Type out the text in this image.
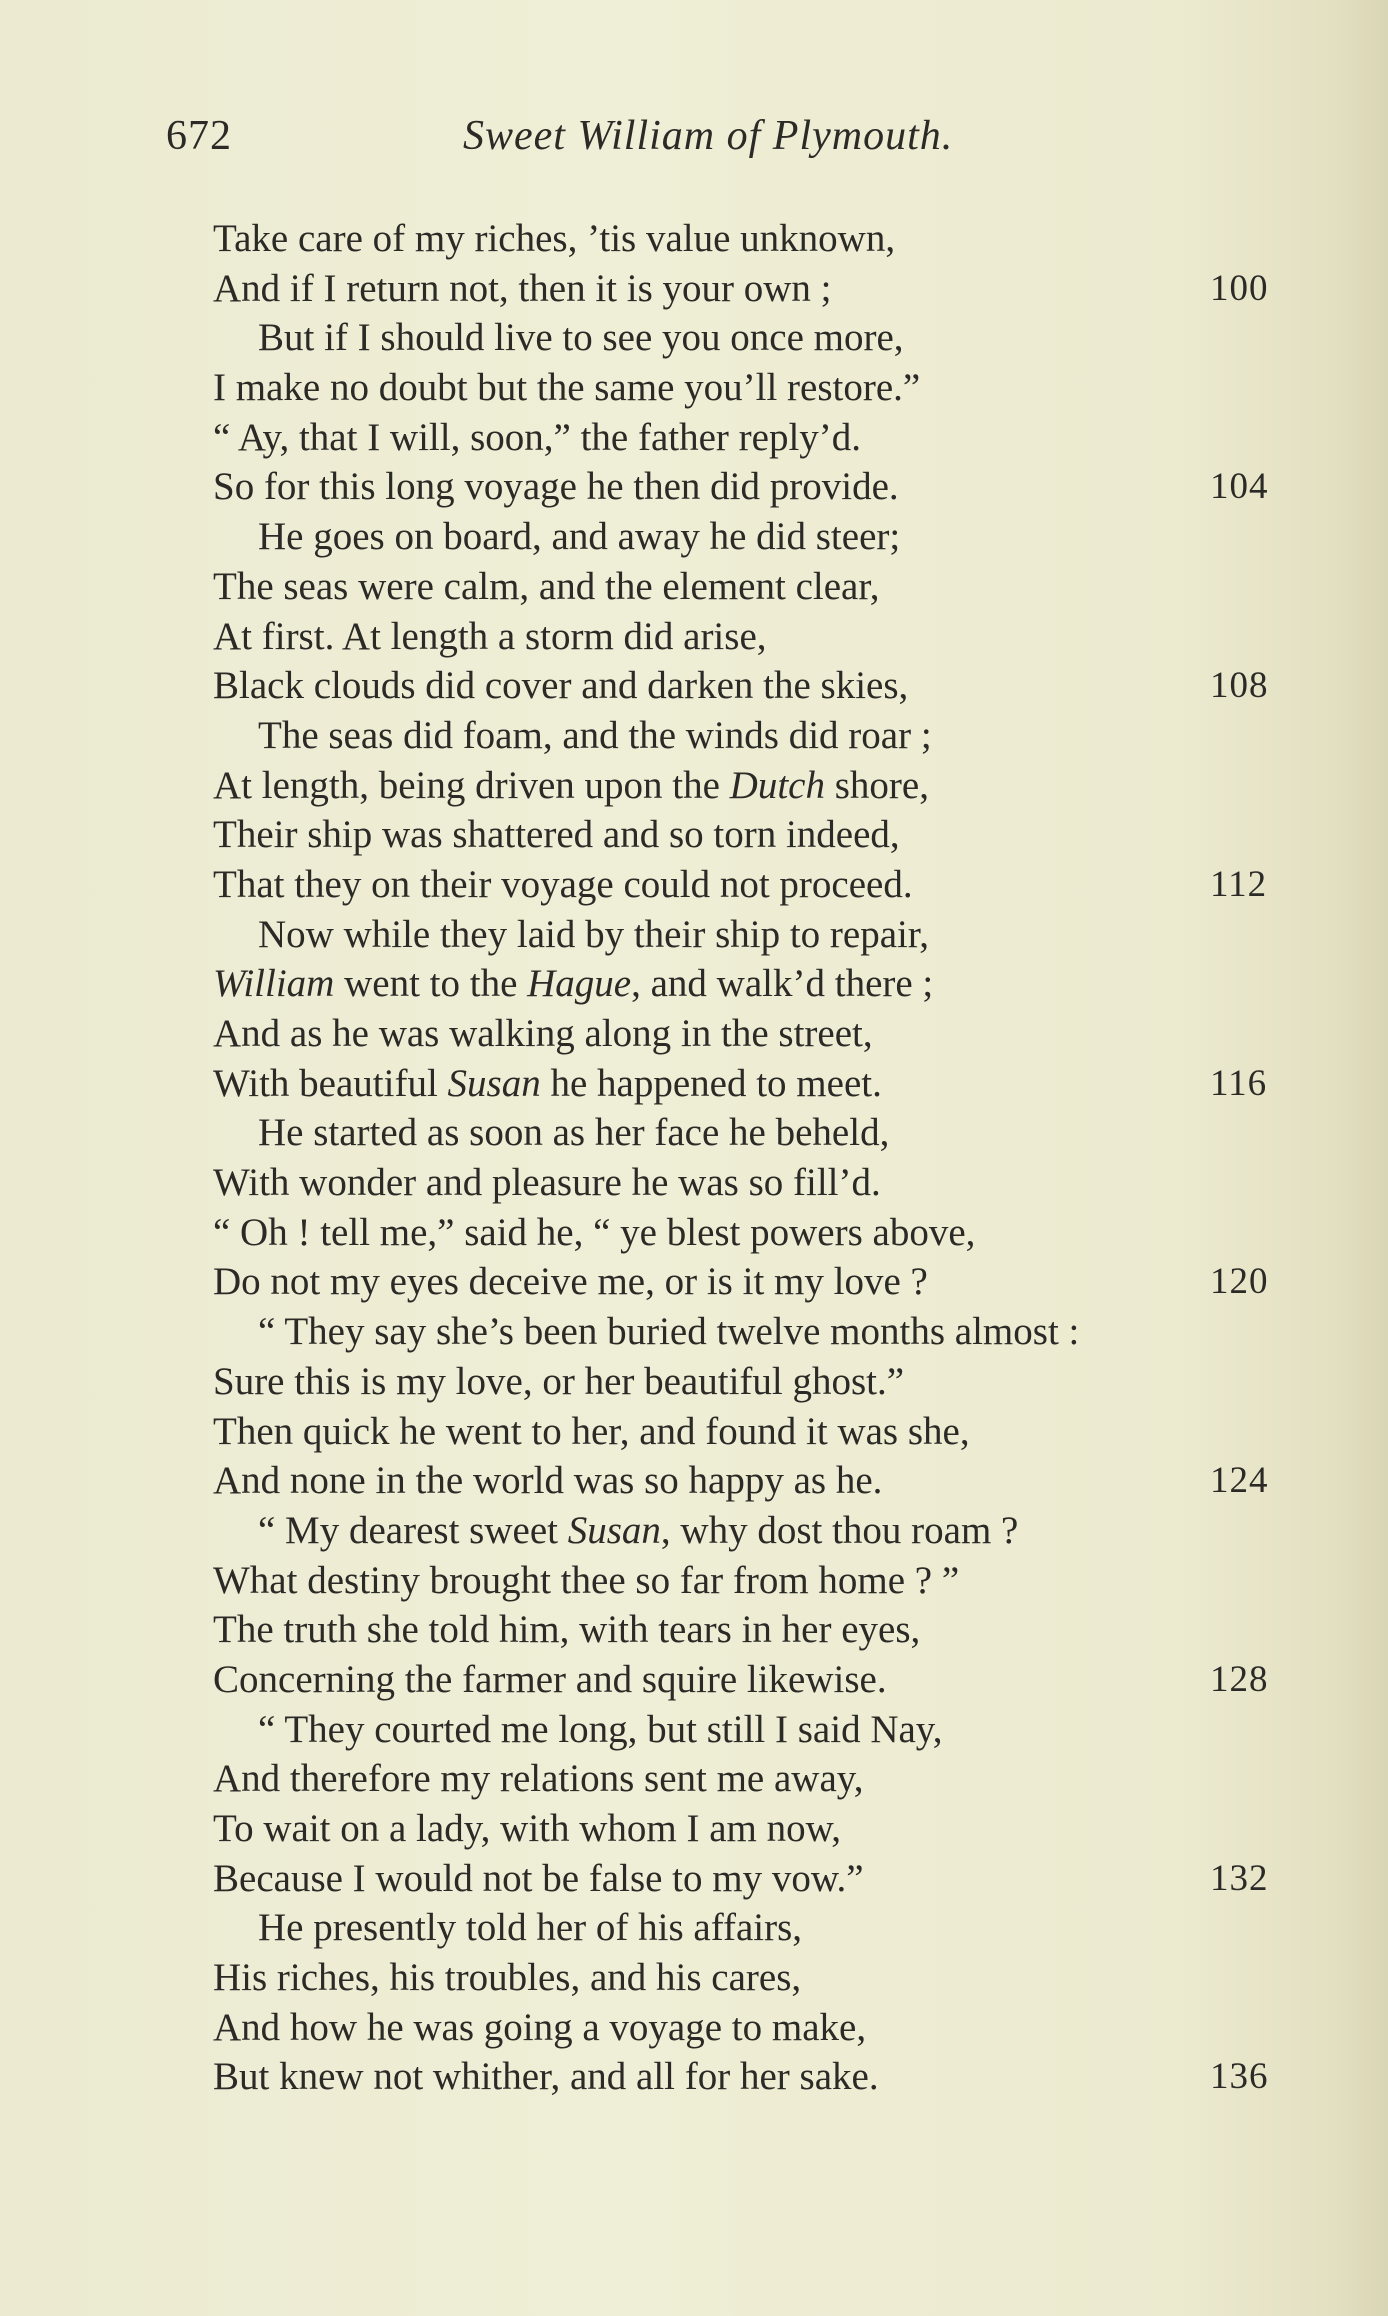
672	Sweet William of Plymouth.
Take care of my riches, ’tis value unknown,
And if I return not, then it is your own ;	100
But if I should live to see you once more,
I make no doubt but the same you’ll restore.”
“ Ay, that I will, soon,” the father reply’d.
So for this long voyage he then did provide.	104
He goes on board, and away he did steer;
The seas were calm, and the element clear,
At first. At length a storm did arise,
Black clouds did cover and darken the skies,	108
The seas did foam, and the winds did roar ;
At length, being driven upon the Dutch shore,
Their ship was shattered and so torn indeed,
That they on their voyage could not proceed.	112
Now while they laid by their ship to repair,
William went to the Hague, and walk’d there ;
And as he was walking along in the street,
With beautiful Susan he happened to meet.	116
He started as soon as her face he beheld,
With wonder and pleasure he was so fill’d.
“ Oh ! tell me,” said he, “ ye blest powers above,
Do not my eyes deceive me, or is it my love ?	120
“ They say she’s been buried twelve months almost :
Sure this is my love, or her beautiful ghost.”
Then quick he went to her, and found it was she,
And none in the world was so happy as he.	124
“ My dearest sweet Susan, why dost thou roam ?
What destiny brought thee so far from home ? ”
The truth she told him, with tears in her eyes,
Concerning the farmer and squire likewise.	128
“ They courted me long, but still I said Nay,
And therefore my relations sent me away,
To wait on a lady, with whom I am now,
Because I would not be false to my vow.”	132
He presently told her of his affairs,
His riches, his troubles, and his cares,
And how he was going a voyage to make,
But knew not whither, and all for her sake.	136
